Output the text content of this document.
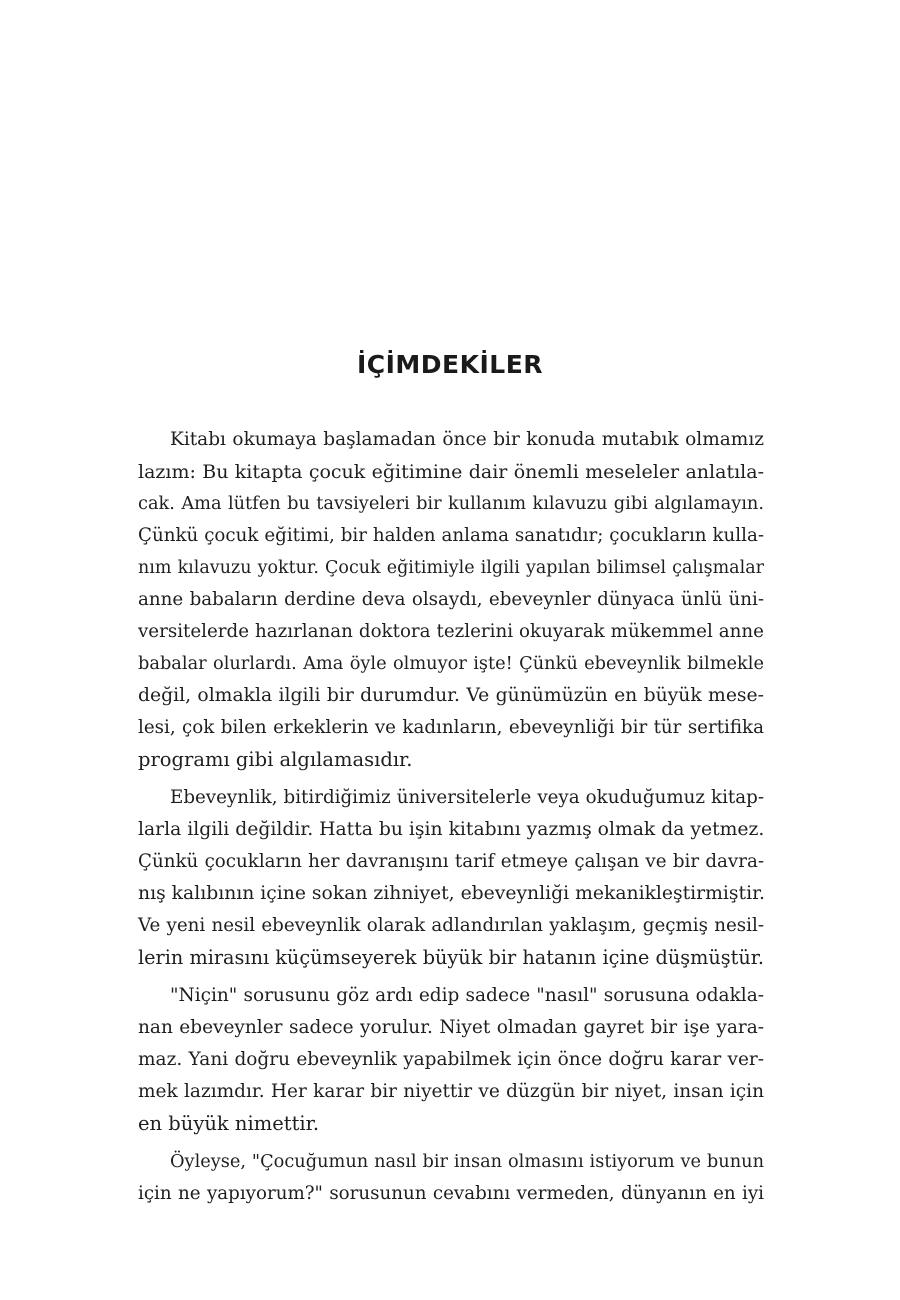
İÇİMDEKİLER
Kitabı okumaya başlamadan önce bir konuda mutabık olmamız
lazım: Bu kitapta çocuk eğitimine dair önemli meseleler anlatıla-
cak. Ama lütfen bu tavsiyeleri bir kullanım kılavuzu gibi algılamayın.
Çünkü çocuk eğitimi, bir halden anlama sanatıdır; çocukların kulla-
nım kılavuzu yoktur. Çocuk eğitimiyle ilgili yapılan bilimsel çalışmalar
anne babaların derdine deva olsaydı, ebeveynler dünyaca ünlü üni-
versitelerde hazırlanan doktora tezlerini okuyarak mükemmel anne
babalar olurlardı. Ama öyle olmuyor işte! Çünkü ebeveynlik bilmekle
değil, olmakla ilgili bir durumdur. Ve günümüzün en büyük mese-
lesi, çok bilen erkeklerin ve kadınların, ebeveynliği bir tür sertifika
programı gibi algılamasıdır.
Ebeveynlik, bitirdiğimiz üniversitelerle veya okuduğumuz kitap-
larla ilgili değildir. Hatta bu işin kitabını yazmış olmak da yetmez.
Çünkü çocukların her davranışını tarif etmeye çalışan ve bir davra-
nış kalıbının içine sokan zihniyet, ebeveynliği mekanikleştirmiştir.
Ve yeni nesil ebeveynlik olarak adlandırılan yaklaşım, geçmiş nesil-
lerin mirasını küçümseyerek büyük bir hatanın içine düşmüştür.
"Niçin" sorusunu göz ardı edip sadece "nasıl" sorusuna odakla-
nan ebeveynler sadece yorulur. Niyet olmadan gayret bir işe yara-
maz. Yani doğru ebeveynlik yapabilmek için önce doğru karar ver-
mek lazımdır. Her karar bir niyettir ve düzgün bir niyet, insan için
en büyük nimettir.
Öyleyse, "Çocuğumun nasıl bir insan olmasını istiyorum ve bunun
için ne yapıyorum?" sorusunun cevabını vermeden, dünyanın en iyi
